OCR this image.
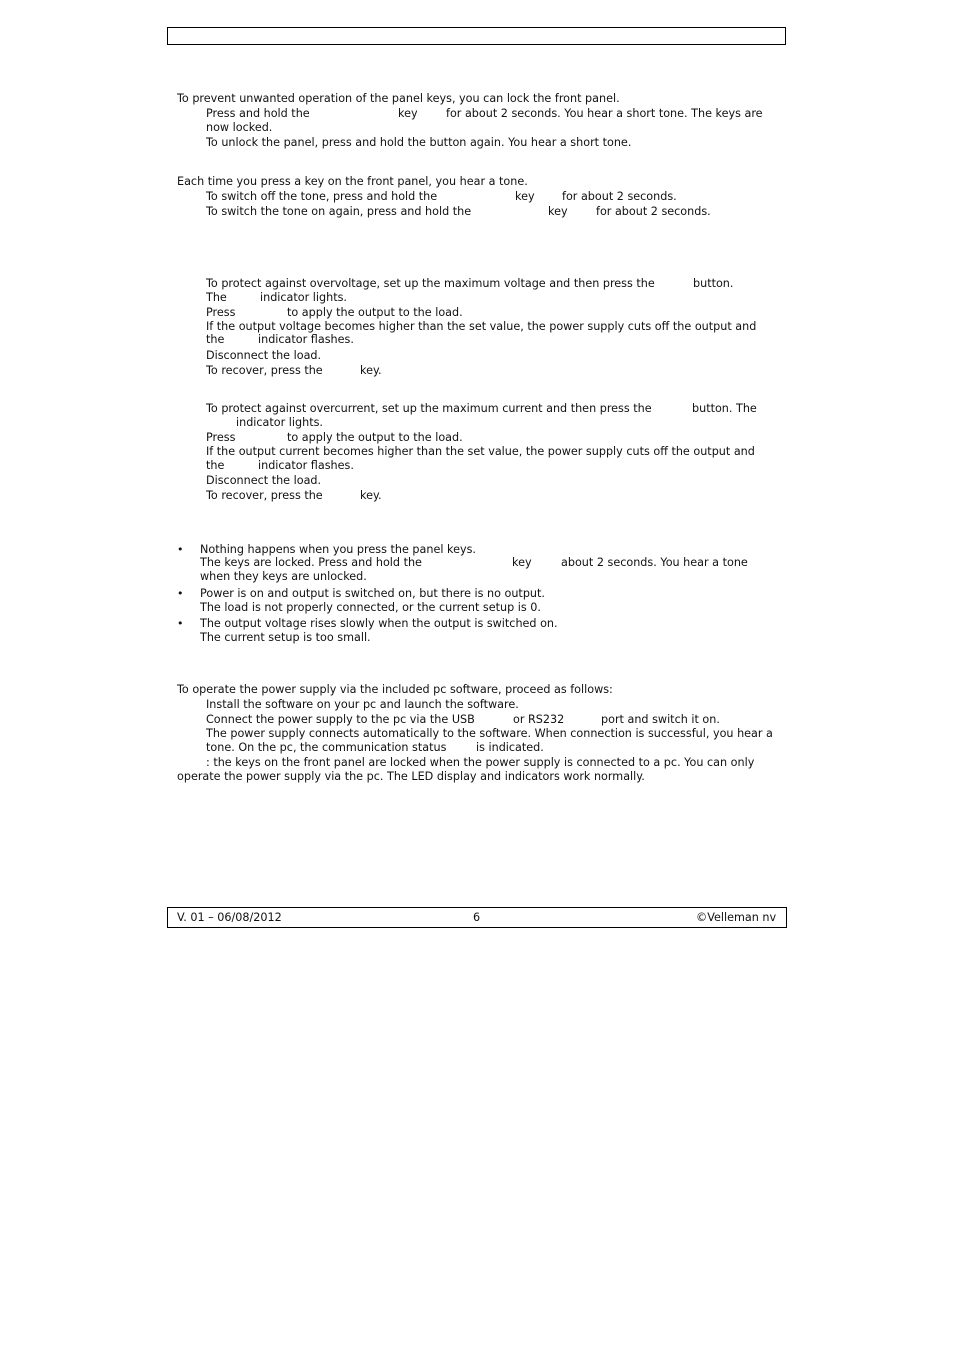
To prevent unwanted operation of the panel keys, you can lock the front panel.
Press and hold the	key	for about 2 seconds. You hear a short tone. The keys are
now locked.
To unlock the panel, press and hold the button again. You hear a short tone.
Each time you press a key on the front panel, you hear a tone.
To switch off the tone, press and hold the	key for about 2 seconds.
To switch the tone on again, press and hold the	key	for about 2 seconds.
To protect against overvoltage, set up the maximum voltage and then press the	button.
The	indicator lights.
Press	to apply the output to the load.
If the output voltage becomes higher than the set value, the power supply cuts off the output and
the	indicator flashes.
Disconnect the load.
To recover, press the	key.
To protect against overcurrent, set up the maximum current and then press the	button. The
indicator lights.
Press	to apply the output to the load.
If the output current becomes higher than the set value, the power supply cuts off the output and
the	indicator flashes.
Disconnect the load.
To recover, press the	key.
• Nothing happens when you press the panel keys.
The keys are locked. Press and hold the	key	about 2 seconds. You hear a tone
when they keys are unlocked.
• Power is on and output is switched on, but there is no output.
The load is not properly connected, or the current setup is 0.
• The output voltage rises slowly when the output is switched on.
The current setup is too small.
To operate the power supply via the included pc software, proceed as follows:
Install the software on your pc and launch the software.
Connect the power supply to the pc via the USB	or RS232	port and switch it on.
The power supply connects automatically to the software. When connection is successful, you hear a
tone. On the pc, the communication status	is indicated.
: the keys on the front panel are locked when the power supply is connected to a pc. You can only
operate the power supply via the pc. The LED display and indicators work normally.
V. 01 – 06/08/2012	6	©Velleman nv
